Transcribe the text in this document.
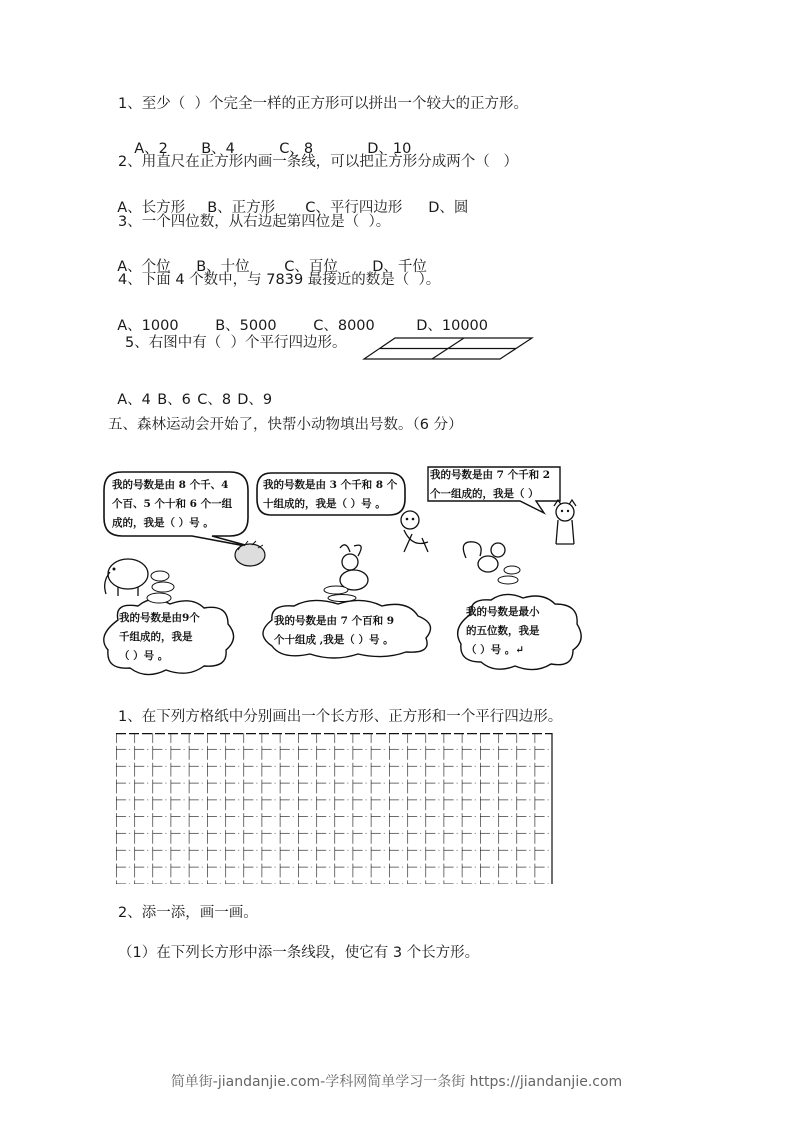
1、至少（  ）个完全一样的正方形可以拼出一个较大的正方形。

A、2 B、4	C、8	D、10

2、用直尺在正方形内画一条线，可以把正方形分成两个（   ）

A、长方形 B、正方形 C、平行四边形 D、圆

3、一个四位数，从右边起第四位是（  ）。

A、个位 B、十位 C、百位 D、千位

4、下面 4 个数中，与 7839 最接近的数是（  ）。

A、1000	B、5000	C、8000	D、10000

5、右图中有（  ）个平行四边形。

A、4 B、6 C、8 D、9

五、森林运动会开始了，快帮小动物填出号数。（6 分）
我的号数是由 8 个千、4
个百、5 个十和 6 个一组
成的，我是（ ）号 。
我的号数是由 3 个千和 8 个
十组成的，我是（ ）号 。
我的号数是由 7 个千和 2
个一组成的，我是（ ）
我的号数是由9个
千组成的，我是
（ ）号 。
我的号数是由 7 个百和 9
个十组成 ,我是（ ）号 。
我的号数是最小
的五位数，我是
（ ）号 。↵
1、在下列方格纸中分别画出一个长方形、正方形和一个平行四边形。
2、添一添，画一画。
（1）在下列长方形中添一条线段，使它有 3 个长方形。
简单街-jiandanjie.com-学科网简单学习一条街 https://jiandanjie.com
